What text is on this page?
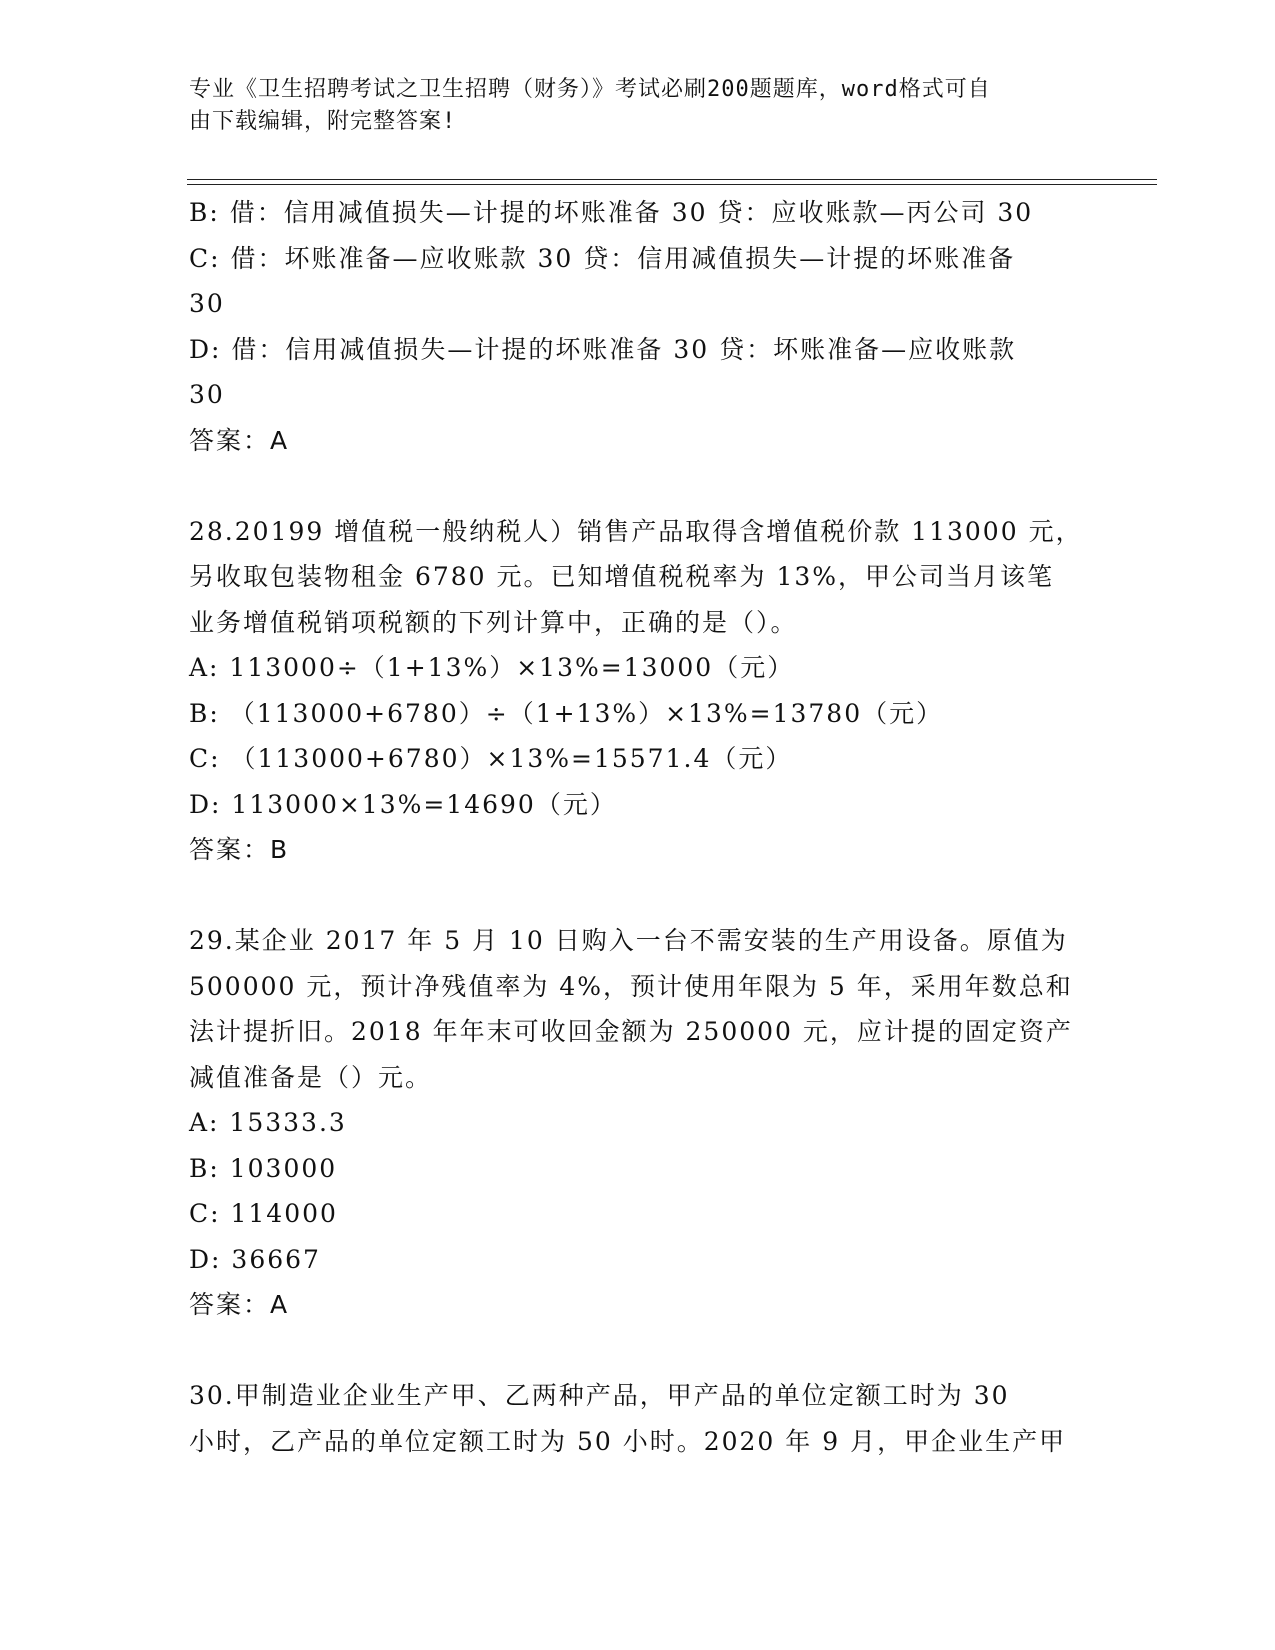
专业《卫生招聘考试之卫生招聘（财务）》考试必刷200题题库，word格式可自
由下载编辑，附完整答案!
B: 借：信用减值损失—计提的坏账准备 30 贷：应收账款—丙公司 30
C: 借：坏账准备—应收账款 30 贷：信用减值损失—计提的坏账准备
30
D: 借：信用减值损失—计提的坏账准备 30 贷：坏账准备—应收账款
30
答案：A
28.20199 增值税一般纳税人）销售产品取得含增值税价款 113000 元，
另收取包装物租金 6780 元。已知增值税税率为 13%，甲公司当月该笔
业务增值税销项税额的下列计算中，正确的是（）。
A: 113000÷（1+13%）×13%=13000（元）
B: （113000+6780）÷（1+13%）×13%=13780（元）
C: （113000+6780）×13%=15571.4（元）
D: 113000×13%=14690（元）
答案：B
29.某企业 2017 年 5 月 10 日购入一台不需安装的生产用设备。原值为
500000 元，预计净残值率为 4%，预计使用年限为 5 年，采用年数总和
法计提折旧。2018 年年末可收回金额为 250000 元，应计提的固定资产
减值准备是（）元。
A: 15333.3
B: 103000
C: 114000
D: 36667
答案：A
30.甲制造业企业生产甲、乙两种产品，甲产品的单位定额工时为 30
小时，乙产品的单位定额工时为 50 小时。2020 年 9 月，甲企业生产甲
